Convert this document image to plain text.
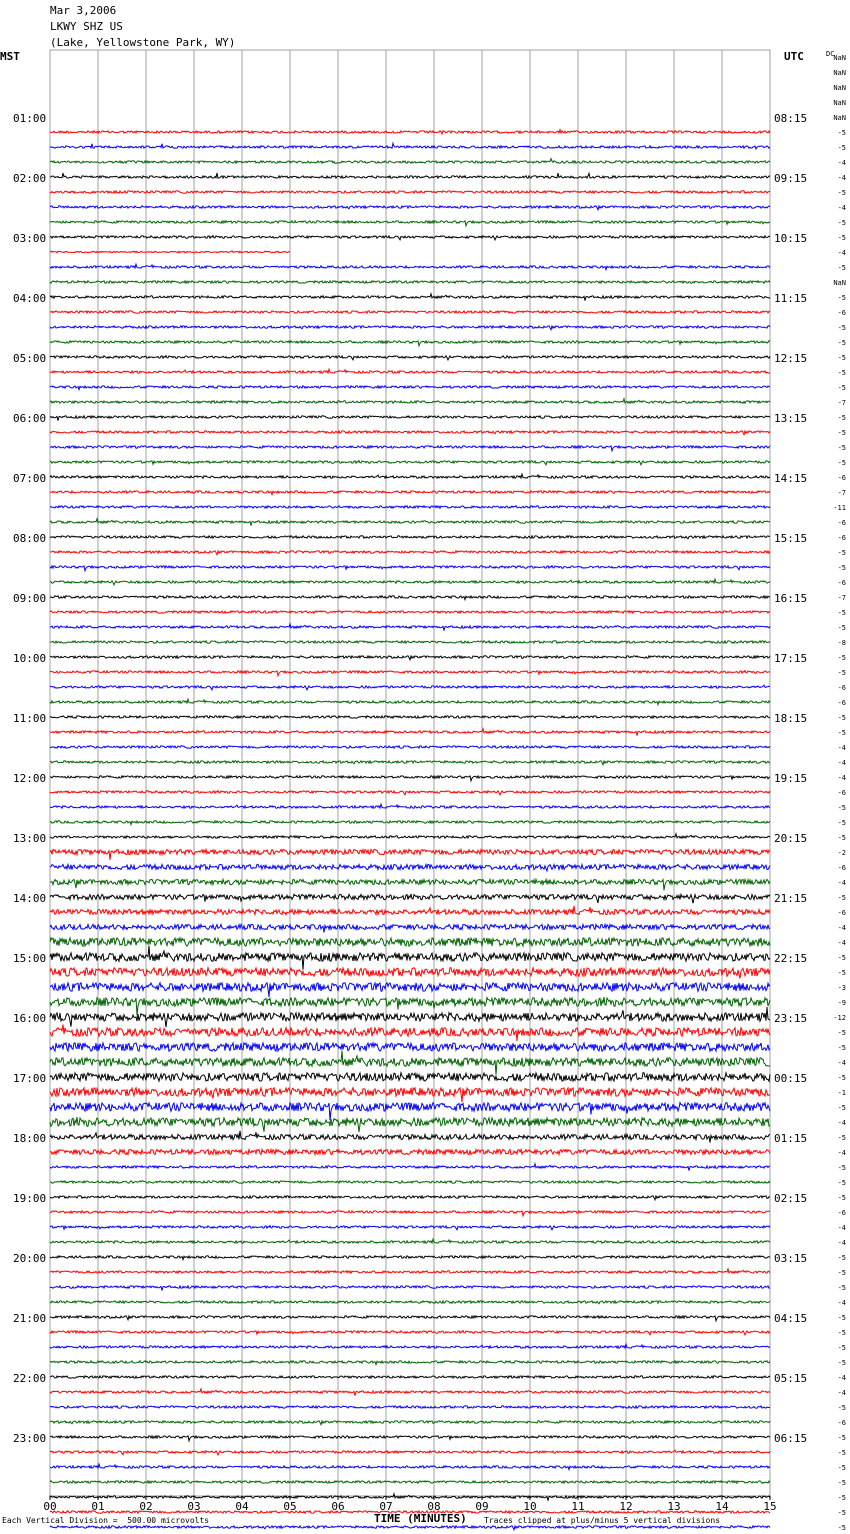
01:00
02:00
03:00
04:00
05:00
06:00
07:00
08:00
09:00
10:00
11:00
12:00
13:00
14:00
15:00
16:00
17:00
18:00
19:00
20:00
21:00
22:00
23:00
08:15
09:15
10:15
11:15
12:15
13:15
14:15
15:15
16:15
17:15
18:15
19:15
20:15
21:15
22:15
23:15
00:15
01:15
02:15
03:15
04:15
05:15
06:15
NaN
NaN
NaN
NaN
NaN
-5
-5
-4
-4
-5
-4
-5
-5
-4
-5
NaN
-5
-6
-5
-5
-5
-5
-5
-7
-5
-5
-5
-5
-6
-7
-11
-6
-6
-5
-5
-6
-7
-5
-5
-8
-5
-5
-6
-6
-5
-5
-4
-4
-4
-6
-5
-5
-5
-2
-6
-4
-5
-6
-4
-4
-5
-5
-3
-9
-12
-5
-5
-4
-5
-1
-5
-4
-5
-4
-5
-5
-5
-6
-4
-4
-5
-5
-5
-4
-5
-5
-5
-5
-4
-4
-5
-6
-5
-5
-5
-5
-5
-5
-5
00	01	02	03	04	05	06	07	08	09	10	11	12	13	14	15
Mar 3,2006
LKWY SHZ US
(Lake, Yellowstone Park, WY)
MST	UTC	DC
Each Vertical Division =  500.00 microvolts	TIME (MINUTES) Traces clipped at plus/minus 5 vertical divisions
